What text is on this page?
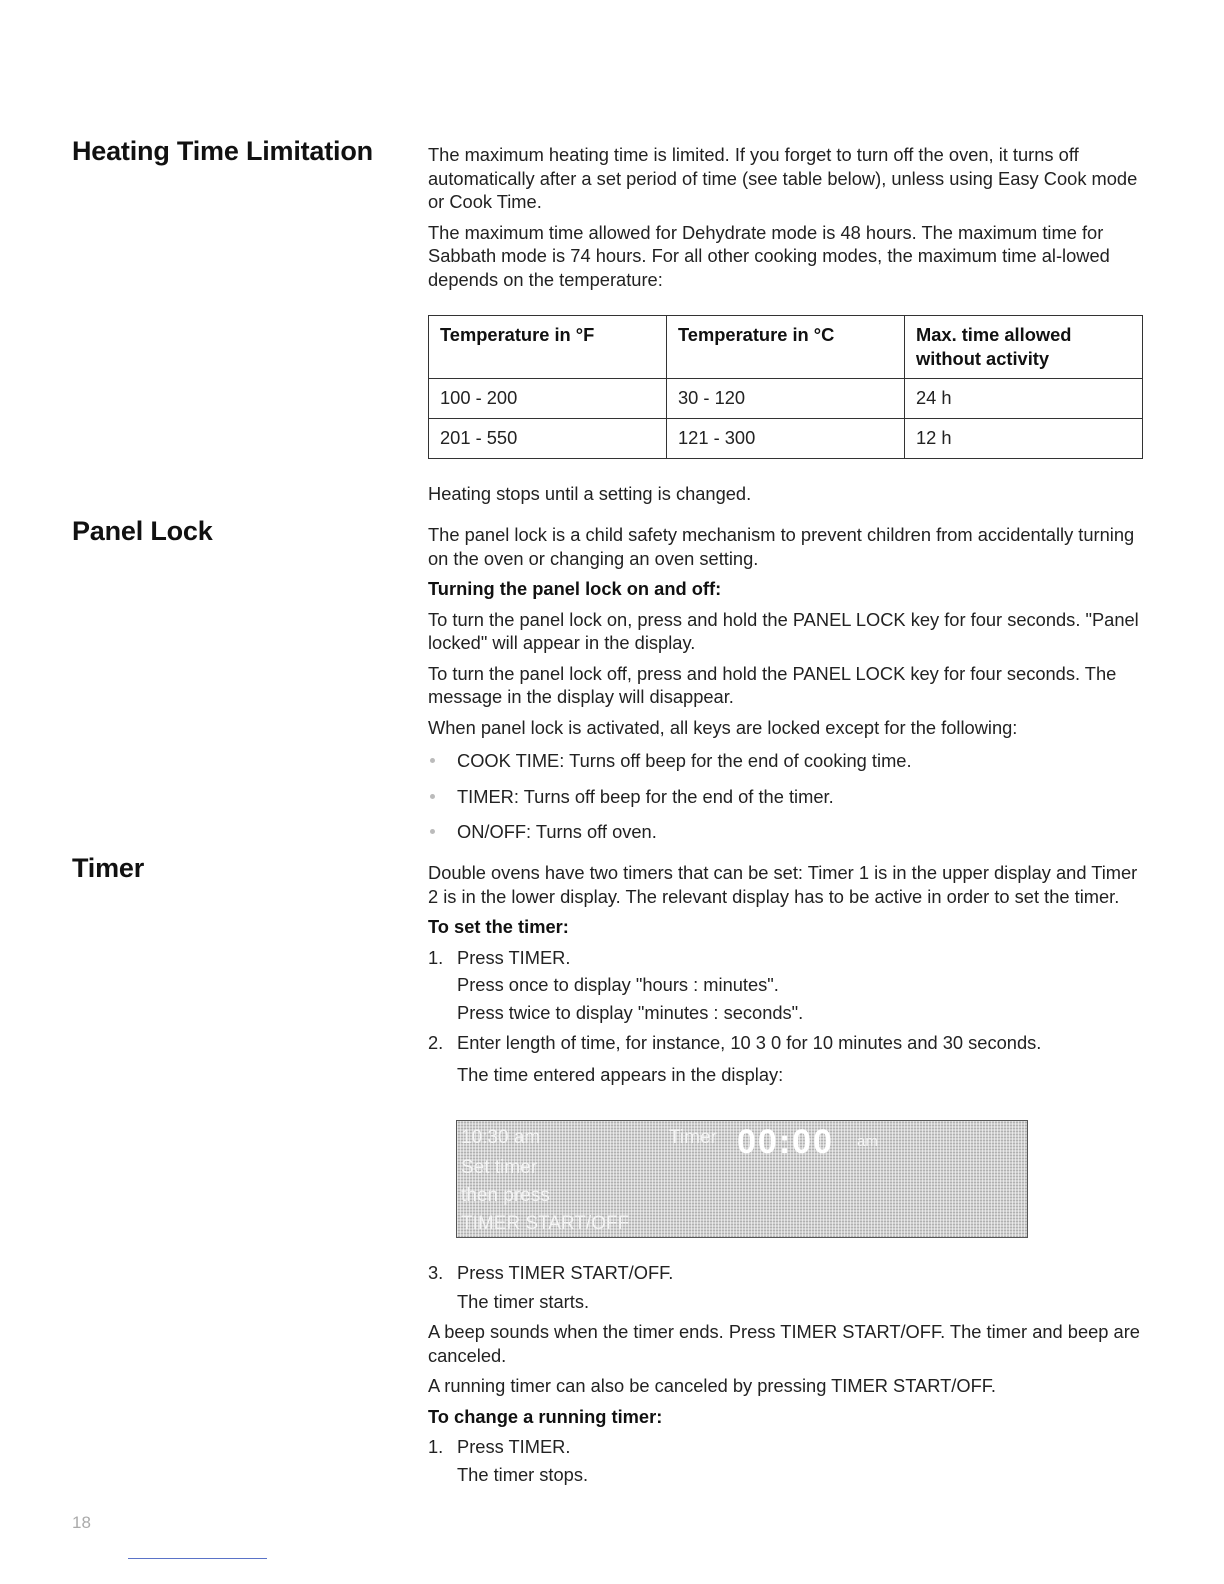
Heating Time Limitation	The maximum heating time is limited. If you forget to turn off the oven, it turns off automatically after a set period of time (see table below), unless using Easy Cook mode or Cook Time.

The maximum time allowed for Dehydrate mode is 48 hours. The maximum time for Sabbath mode is 74 hours. For all other cooking modes, the maximum time al-lowed depends on the temperature:

Temperature in °F	Temperature in °C	Max. time allowed without activity
100 - 200	30 - 120	24 h
201 - 550	121 - 300	12 h

Heating stops until a setting is changed.

Panel Lock	The panel lock is a child safety mechanism to prevent children from accidentally turning on the oven or changing an oven setting.

Turning the panel lock on and off:

To turn the panel lock on, press and hold the PANEL LOCK key for four seconds. "Panel locked" will appear in the display.

To turn the panel lock off, press and hold the PANEL LOCK key for four seconds. The message in the display will disappear.

When panel lock is activated, all keys are locked except for the following:

COOK TIME: Turns off beep for the end of cooking time.
TIMER: Turns off beep for the end of the timer.
ON/OFF: Turns off oven.
Timer	Double ovens have two timers that can be set: Timer 1 is in the upper display and Timer 2 is in the lower display. The relevant display has to be active in order to set the timer.

To set the timer:

1. Press TIMER.

Press once to display "hours : minutes".

Press twice to display "minutes : seconds".

2. Enter length of time, for instance, 10 3 0 for 10 minutes and 30 seconds.

The time entered appears in the display:

10:30 am	Timer 00:00 am
Set timer
then press
TIMER START/OFF

3. Press TIMER START/OFF.

The timer starts.

A beep sounds when the timer ends. Press TIMER START/OFF. The timer and beep are canceled.

A running timer can also be canceled by pressing TIMER START/OFF.

To change a running timer:

1. Press TIMER.

The timer stops.

18
